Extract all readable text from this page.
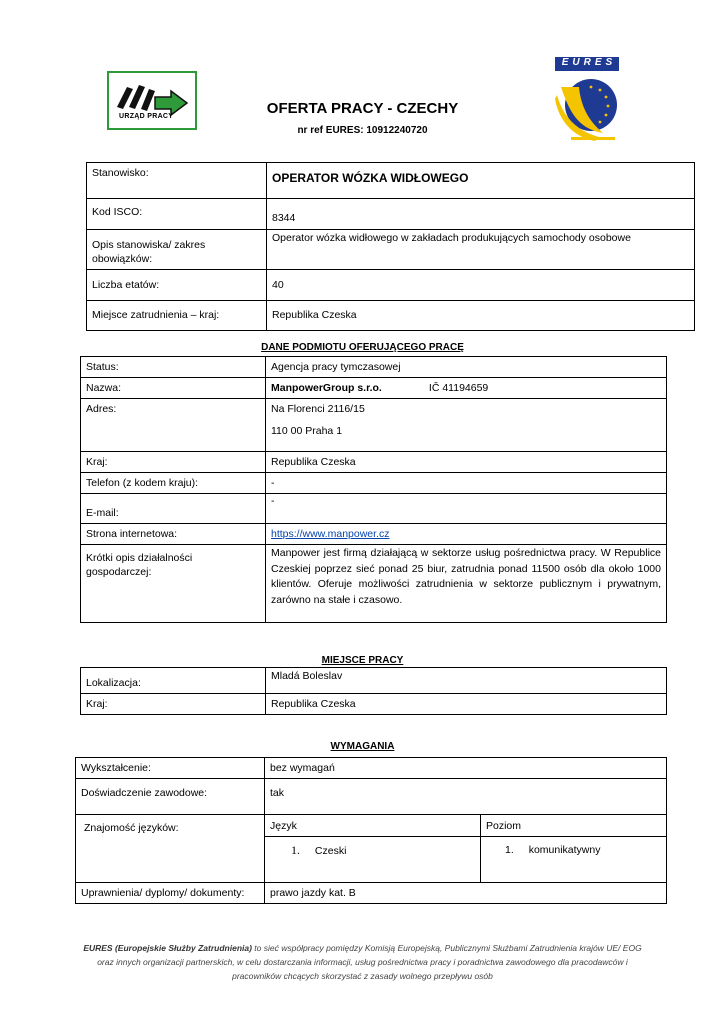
URZĄD PRACY
EURES
OFERTA PRACY - CZECHY
nr ref EURES: 10912240720
Stanowisko:	OPERATOR WÓZKA WIDŁOWEGO
Kod ISCO:	8344
Opis stanowiska/ zakres obowiązków:	Operator wózka widłowego w zakładach produkujących samochody osobowe
Liczba etatów:	40
Miejsce zatrudnienia – kraj:	Republika Czeska
DANE PODMIOTU OFERUJĄCEGO PRACĘ
Status:	Agencja pracy tymczasowej
Nazwa:	ManpowerGroup s.r.o. IČ 41194659
Adres:	Na Florenci 2116/15
110 00 Praha 1

Kraj:	Republika Czeska
Telefon (z kodem kraju):	-
E-mail:	-
Strona internetowa:	https://www.manpower.cz
Krótki opis działalności gospodarczej:	Manpower jest firmą działającą w sektorze usług pośrednictwa pracy. W Republice Czeskiej poprzez sieć ponad 25 biur, zatrudnia ponad 11500 osób dla około 1000 klientów. Oferuje możliwości zatrudnienia w sektorze publicznym i prywatnym, zarówno na stałe i czasowo.
MIEJSCE PRACY
Lokalizacja:	Mladá Boleslav
Kraj:	Republika Czeska
WYMAGANIA
Wykształcenie:	bez wymagań	
Doświadczenie zawodowe:	tak	
Znajomość języków:	Język	Poziom
	1. Czeski	1. komunikatywny
Uprawnienia/ dyplomy/ dokumenty:	prawo jazdy kat. B	
EURES (Europejskie Służby Zatrudnienia) to sieć współpracy pomiędzy Komisją Europejską, Publicznymi Służbami Zatrudnienia krajów UE/ EOG
oraz innych organizacji partnerskich, w celu dostarczania informacji, usług pośrednictwa pracy i poradnictwa zawodowego dla pracodawców i
pracowników chcących skorzystać z zasady wolnego przepływu osób
